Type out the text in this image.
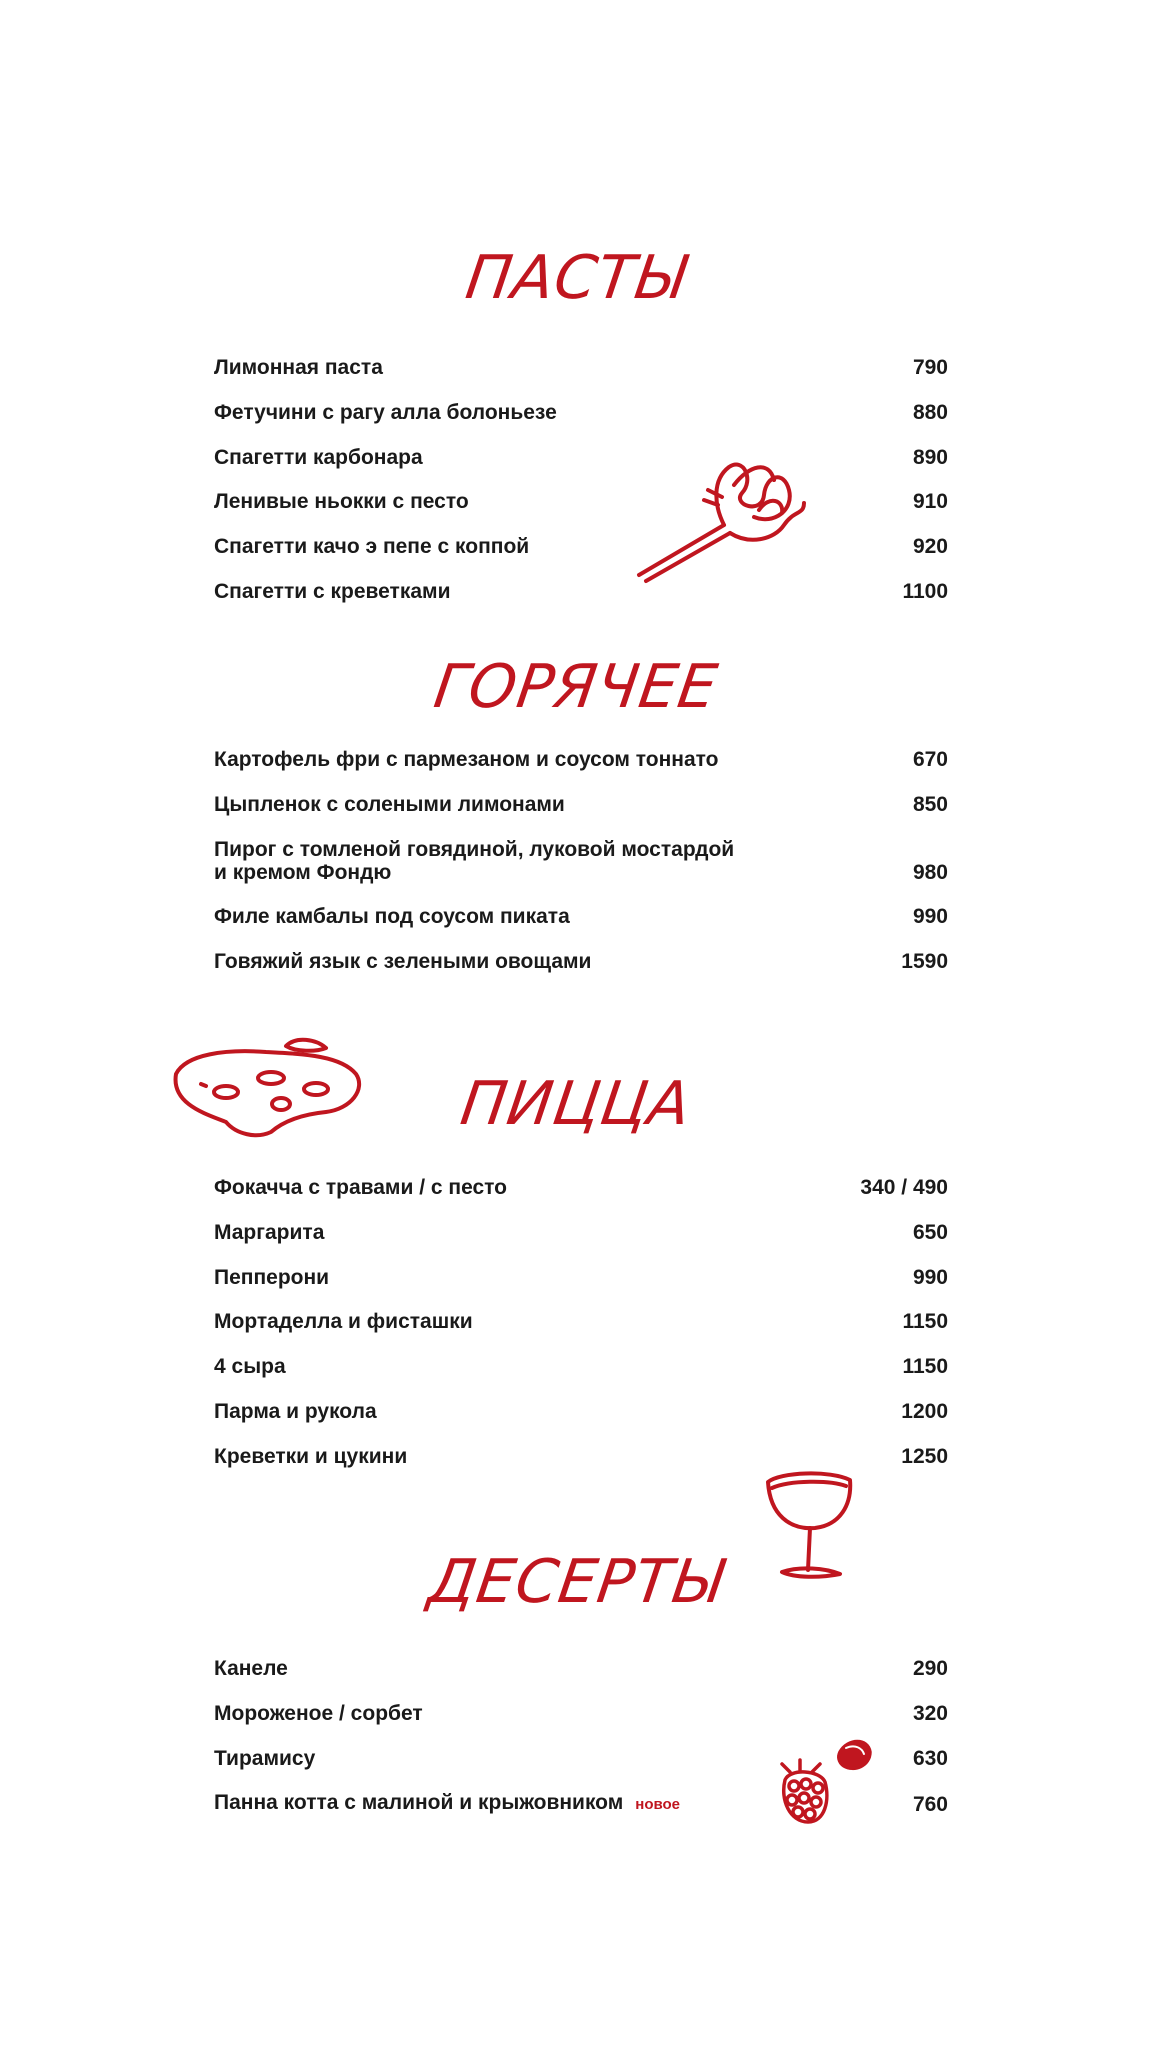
ПАСТЫ
Лимонная паста	790
Фетучини с рагу алла болоньезе	880
Спагетти карбонара	890
Ленивые ньокки с песто	910
Спагетти качо э пепе с коппой	920
Спагетти с креветками	1100
ГОРЯЧЕЕ
Картофель фри с пармезаном и соусом тоннато	670
Цыпленок с солеными лимонами	850
Пирог с томленой говядиной, луковой мостардой
и кремом Фондю	980
Филе камбалы под соусом пиката	990
Говяжий язык с зелеными овощами	1590
ПИЦЦА
Фокачча с травами / с песто	340 / 490
Маргарита	650
Пепперони	990
Мортаделла и фисташки	1150
4 сыра	1150
Парма и рукола	1200
Креветки и цукини	1250
ДЕСЕРТЫ
Канеле	290
Мороженое / сорбет	320
Тирамису	630
Панна котта с малиной и крыжовником новое	760
